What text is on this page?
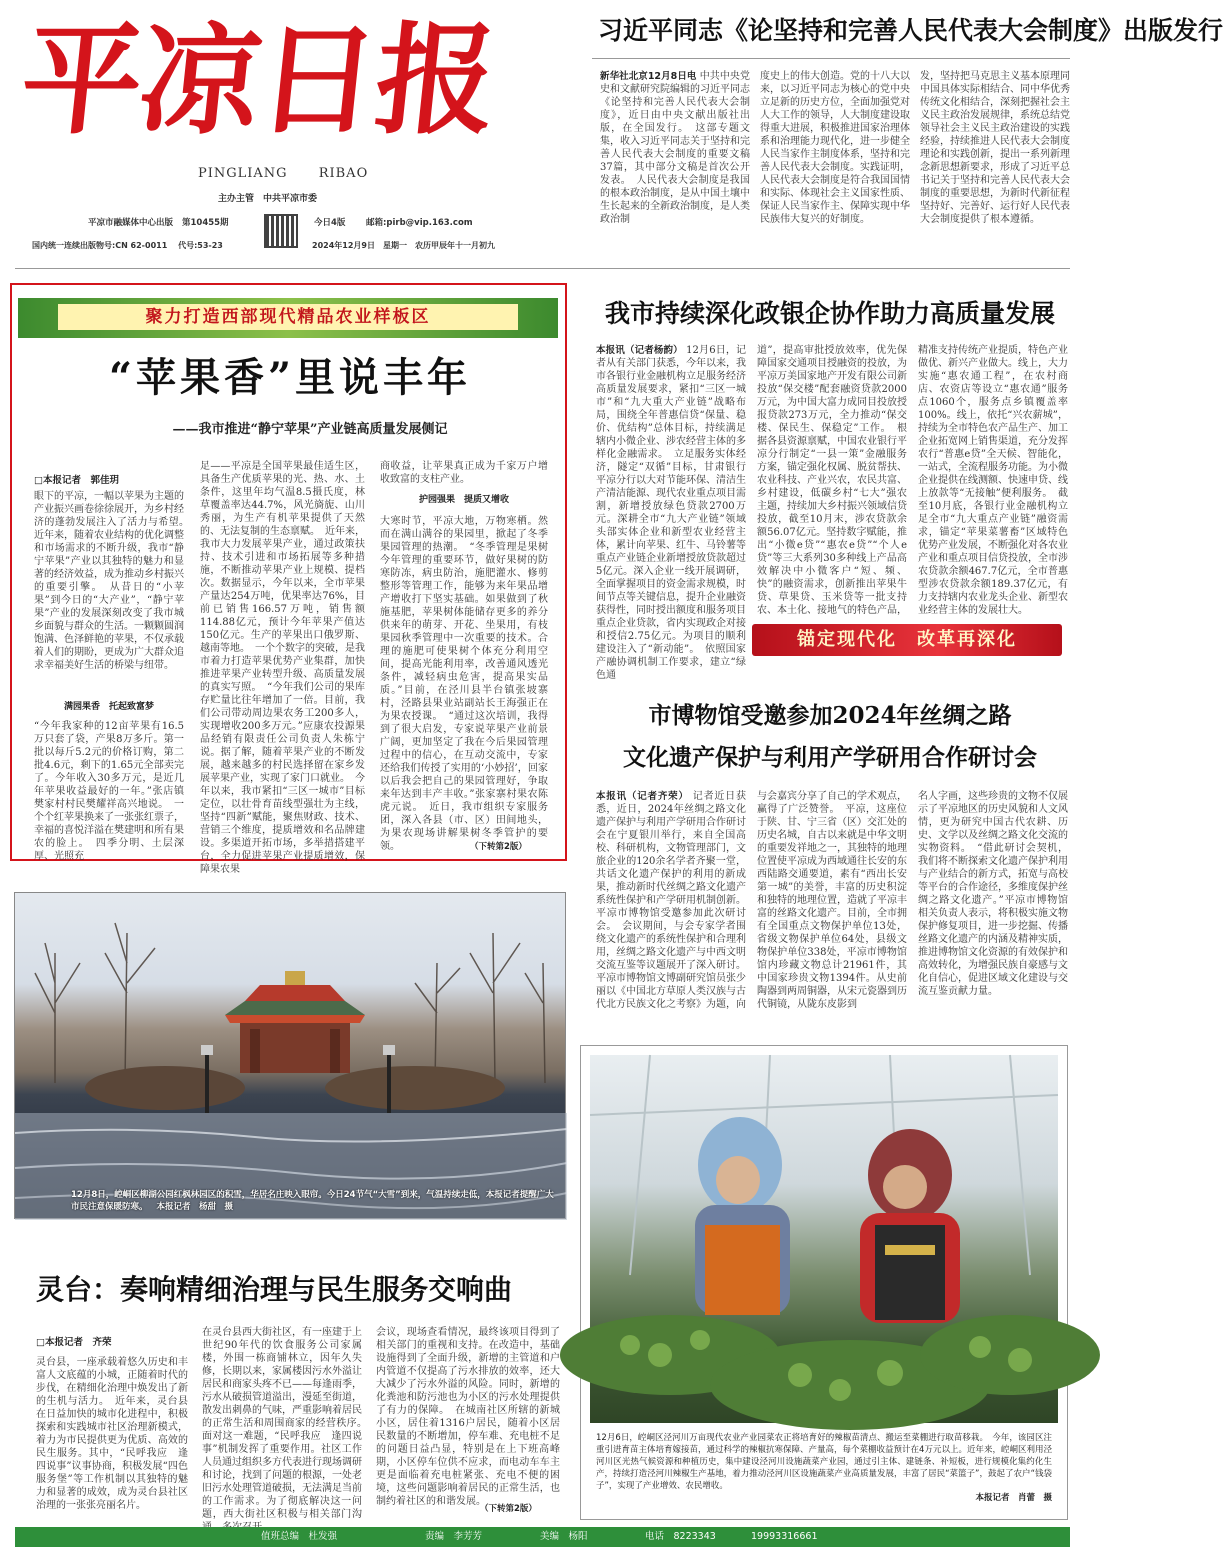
平凉日报
PINGLIANG RIBAO
主办主管　中共平凉市委
平凉市融媒体中心出版 第10455期	今日4版 邮箱:pirb@vip.163.com
国内统一连续出版物号:CN 62-0011 代号:53-23	2024年12月9日　星期一　农历甲辰年十一月初九
习近平同志《论坚持和完善人民代表大会制度》出版发行
新华社北京12月8日电 中共中央党史和文献研究院编辑的习近平同志《论坚持和完善人民代表大会制度》，近日由中央文献出版社出版，在全国发行。　这部专题文集，收入习近平同志关于坚持和完善人民代表大会制度的重要文稿37篇，其中部分文稿是首次公开发表。　人民代表大会制度是我国的根本政治制度，是从中国土壤中生长起来的全新政治制度，是人类政治制
度史上的伟大创造。党的十八大以来，以习近平同志为核心的党中央立足新的历史方位，全面加强党对人大工作的领导，人大制度建设取得重大进展，积极推进国家治理体系和治理能力现代化，进一步健全人民当家作主制度体系，坚持和完善人民代表大会制度。实践证明，人民代表大会制度是符合我国国情和实际、体现社会主义国家性质、保证人民当家作主、保障实现中华民族伟大复兴的好制度。
发，坚持把马克思主义基本原理同中国具体实际相结合、同中华优秀传统文化相结合，深刻把握社会主义民主政治发展规律，系统总结党领导社会主义民主政治建设的实践经验，持续推进人民代表大会制度理论和实践创新，提出一系列新理念新思想新要求，形成了习近平总书记关于坚持和完善人民代表大会制度的重要思想，为新时代新征程坚持好、完善好、运行好人民代表大会制度提供了根本遵循。
聚力打造西部现代精品农业样板区
“苹果香”里说丰年
——我市推进“静宁苹果”产业链高质量发展侧记
□本报记者　郭佳玥
眼下的平凉，一幅以苹果为主题的产业振兴画卷徐徐展开，为乡村经济的蓬勃发展注入了活力与希望。　近年来，随着农业结构的优化调整和市场需求的不断升级，我市“静宁苹果”产业以其独特的魅力和显著的经济效益，成为推动乡村振兴的重要引擎。　从昔日的“小苹果”到今日的“大产业”，“静宁苹果”产业的发展深刻改变了我市城乡面貌与群众的生活。一颗颗圆润饱满、色泽鲜艳的苹果，不仅承载着人们的期盼，更成为广大群众追求幸福美好生活的桥梁与纽带。
满园果香　托起致富梦
“今年我家种的12亩苹果有16.5万只套了袋，产果8万多斤。第一批以每斤5.2元的价格订购，第二批4.6元，剩下的1.65元全部卖完了。今年收入30多万元，是近几年苹果收益最好的一年。”张店镇樊家村村民樊耀祥高兴地说。　一个个红苹果换来了一张张红票子，幸福的喜悦洋溢在樊建明和所有果农的脸上。　四季分明、土层深厚、光照充
足——平凉是全国苹果最佳适生区，具备生产优质苹果的光、热、水、土条件，这里年均气温8.5摄氏度，林草覆盖率达44.7%，风光旖旎、山川秀丽，为生产有机苹果提供了天然的、无法复制的生态禀赋。　近年来，我市大力发展苹果产业，通过政策扶持、技术引进和市场拓展等多种措施，不断推动苹果产业上规模、提档次。数据显示，今年以来，全市苹果产量达254万吨，优果率达76%，目前已销售166.57万吨，销售额114.88亿元，预计今年苹果产值达150亿元。生产的苹果出口俄罗斯、越南等地。　一个个数字的突破，是我市着力打造苹果优势产业集群，加快推进苹果产业转型升级、高质量发展的真实写照。　“今年我们公司的果库存贮量比往年增加了一倍。目前，我们公司带动周边果农务工200多人，实现增收200多万元。”应康农投源果品经销有限责任公司负责人朱栋宁说。据了解，随着苹果产业的不断发展，越来越多的村民选择留在家乡发展苹果产业，实现了家门口就业。　今年以来，我市紧扣“三区一城市”目标定位，以壮骨育苗线型强壮为主线，坚持“四新”赋能，聚焦财政、技术、营销三个维度，提质增效和名品牌建设。多渠道开拓市场，多举措搭建平台，全力促进苹果产业提质增效，保障果农果
商收益，让苹果真正成为千家万户增收致富的支柱产业。
护园强果　提质又增收
大寒时节，平凉大地，万物寒栖。然而在满山满谷的果园里，掀起了冬季果园管理的热潮。　“冬季管理是果树今年管理的重要环节，做好果树的防寒防冻，病虫防治，施肥灌水、修剪整形等管理工作，能够为来年果品增产增收打下坚实基础。如果做到了秋施基肥，苹果树体能储存更多的养分供来年的萌芽、开花、坐果用，有枝果园秋季管理中一次重要的技术。合理的施肥可使果树个体充分利用空间，提高光能利用率，改善通风透光条件，减轻病虫危害，提高果实品质。”目前，在泾川县半台镇张坡寨村，泾路县果业站副站长王海强正在为果农授课。　“通过这次培训，我得到了很大启发，专家说苹果产业前景广阔，更加坚定了我在今后果园管理过程中的信心，在互动交流中，专家还给我们传授了实用的‘小妙招’，回家以后我会把自己的果园管理好，争取来年达到丰产丰收。”张家寨村果农陈虎元说。　近日，我市组织专家服务团，深入各县（市、区）田间地头，为果农现场讲解果树冬季管护的要领。	（下转第2版）
我市持续深化政银企协作助力高质量发展
本报讯（记者杨韵） 12月6日，记者从有关部门获悉，今年以来，我市各银行业金融机构立足服务经济高质量发展要求，紧扣“三区一城市”和“九大重大产业链”战略布局，围绕全年普惠信贷“保量、稳价、优结构”总体目标，持续满足辖内小微企业、涉农经营主体的多样化金融需求。　立足服务实体经济，隧定“双循”目标，甘肃银行平凉分行以大对节能环保、清洁生产清洁能源、现代农业重点项目需割，新增授放绿色贷款2700万元。深耕全市“九大产业链”领域头部实体企业和新型农业经营主体，累计向苹果、红牛、马铃薯等重点产业链企业新增授放贷款超过5亿元。深入企业一线开展调研，全面掌握项目的资金需求规模，时间节点等关键信息，提升企业融资获得性，同时授出额度和服务项目重点企业贷款，省内实现政企对接和授信2.75亿元。为项目的顺利建设注入了“新动能”。　依照国家产融协调机制工作要求，建立“绿色通
道”，提高审批授放效率，优先保障国家交通项目授融资的投放，为平凉万美国家地产开发有限公司新投放“保交楼”配套融资贷款2000万元，为中国大富力成同目投放授报贷款273万元，全力推动“保交楼、保民生、保稳定”工作。　根据各县资源禀赋，中国农业银行平凉分行制定“一县一策”金融服务方案，锚定强化权属、脱贫帮扶、农业科技、产业兴农，农民共富、乡村建设，低碳乡村“七大”强农主题，持续加大乡村振兴领域信贷投放，截至10月末，涉农贷款余额56.07亿元。坚持数字赋能，推出“小微e贷”“惠农e贷”“个人e贷”等三大系列30多种线上产品高效解决中小微客户“短、频、快”的融资需求，创新推出苹果牛贷、草果贷、玉米贷等一批支持农、本土化、接地气的特色产品，
精准支持传统产业提质，特色产业做优、新兴产业做大。线上，大力实施“惠农通工程”，在农村商店、农资店等设立“惠农通”服务点1060个，服务点乡镇覆盖率100%。线上，依托“兴农薪城”，持续为全市特色农产品生产、加工企业拓宽网上销售渠道，充分发挥农行“普惠e贷”全天候、智能化，一站式，全流程服务功能。为小微企业提供在线测额、快速申贷、线上放款等“无接触”便利服务。　截至10月底，各银行业金融机构立足全市“九大重点产业链”融资需求，锚定“苹果菜薯畜”区域特色优势产业发展，不断强化对各农业产业和重点项目信贷投放，全市涉农贷款余额467.7亿元，全市普惠型涉农贷款余额189.37亿元，有力支持辖内农业龙头企业、新型农业经营主体的发展壮大。
锚定现代化　改革再深化
市博物馆受邀参加2024年丝绸之路
文化遗产保护与利用产学研用合作研讨会
本报讯（记者齐荣） 记者近日获悉，近日，2024年丝绸之路文化遗产保护与利用产学研用合作研讨会在宁夏银川举行，来自全国高校、科研机构，文物管理部门，文旅企业的120余名学者齐聚一堂，共话文化遗产保护的利用的新成果，推动新时代丝绸之路文化遗产系统性保护和产学研用机制创新。平凉市博物馆受邀参加此次研讨会。　会议期间，与会专家学者围绕文化遗产的系统性保护和合理利用，丝绸之路文化遗产与中西文明交流互鉴等议题展开了深入研讨。平凉市博物馆文博副研究馆员张少丽以《中国北方草原人类汉族与古代北方民族文化之考察》为题，向
与会嘉宾分享了自己的学术观点，赢得了广泛赞誉。　平凉，这座位于陕、甘、宁三省（区）交汇处的历史名城，自古以来就是中华文明的重要发祥地之一，其独特的地理位置使平凉成为西域通往长安的东西陆路交通要道，素有“西出长安第一城”的美誉，丰富的历史积淀和独特的地理位置，造就了平凉丰富的丝路文化遗产。目前，全市拥有全国重点文物保护单位13处，省级文物保护单位64处，县级文物保护单位338处，平凉市博物馆馆内珍藏文物总计21961件，其中国家珍贵文物1394件。从史前陶器到两周铜器，从宋元瓷器到历代铜镜，从陇东皮影到
名人字画，这些珍贵的文物不仅展示了平凉地区的历史风貌和人文风情，更为研究中国古代农耕、历史、文学以及丝绸之路文化交流的实物资料。　“借此研讨会契机，我们将不断探索文化遗产保护利用与产业结合的新方式，拓宽与高校等平台的合作途径，多维度保护丝绸之路文化遗产。”平凉市博物馆相关负责人表示，将积极实施文物保护修复项目，进一步挖掘、传播丝路文化遗产的内涵及精神实质，推进博物馆文化资源的有效保护和高效转化，为增强民族自豪感与文化自信心，促进区域文化建设与交流互鉴贡献力量。
12月8日，崆峒区柳湖公园红枫林园区的积雪，华居名庄映入眼帘。今日24节气“大雪”到来，气温持续走低，本报记者提醒广大市民注意保暖防寒。 本报记者　杨甜　摄
灵台：奏响精细治理与民生服务交响曲
□本报记者　齐荣
灵台县，一座承载着悠久历史和丰富人文底蕴的小城，正随着时代的步伐，在精细化治理中焕发出了新的生机与活力。　近年来，灵台县在日益加快的城市化进程中，积极探索和实践城市社区治理新模式，着力为市民提供更为优质、高效的民生服务。其中，“民呼我应　逢四说事”议事协商，积极发展“四色服务堡”等工作机制以其独特的魅力和显著的成效，成为灵台县社区治理的一张张亮丽名片。
在灵台县西大街社区，有一座建于上世纪90年代的饮食服务公司家属楼，外围一栋商铺林立，因年久失修，长期以来，家属楼因污水外溢让居民和商家头疼不已——每逢雨季，污水从破损管道溢出，漫延至街道，散发出刺鼻的气味，严重影响着居民的正常生活和周围商家的经营秩序。　面对这一难题，“民呼我应　逢四说事”机制发挥了重要作用。社区工作人员通过组织多方代表进行现场调研和讨论，找到了问题的根源，一处老旧污水处理管道破损，无法满足当前的工作需求。为了彻底解决这一问题，西大街社区积极与相关部门沟
会议，现场查看情况，最终该项目得到了相关部门的重视和支持。在改造中，基础设施得到了全面升级，新增的主管道和户内管道不仅提高了污水排放的效率，还大大减少了污水外溢的风险。同时，新增的化粪池和防污池也为小区的污水处理提供了有力的保障。　在城南社区所辖的新城小区，居住着1316户居民，随着小区居民数量的不断增加，停车难、充电桩不足的问题日益凸显，特别是在上下班高峰期，小区停车位供不应求，而电动车车主更是面临着充电桩紧张、充电不便的困境，这些问题影响着居民的正常生活，也制约着社区的和谐发展。
（下转第2版）
12月6日，崆峒区泾河川万亩现代农业产业园菜农正将培育好的辣椒苗清点、搬运至菜棚进行取苗移栽。　今年，该园区注重引进育苗主体培育嫁接苗，通过科学的辣椒抗寒保障、产量高，每个菜棚收益预计在4万元以上。近年来，崆峒区利用泾河川区光热气候资源和种植历史，集中建设泾河川设施蔬菜产业园，通过引主体、建链条、补短板，进行规模化集约化生产，持续打造泾河川辣椒生产基地，着力推动泾河川区设施蔬菜产业高质量发展，丰富了居民“菜篮子”，鼓起了农户“钱袋子”，实现了产业增效、农民增收。
本报记者　肖蕾　摄
值班总编　杜发强	责编　李芳芳	美编　杨阳	电话　8223343	19993316661
